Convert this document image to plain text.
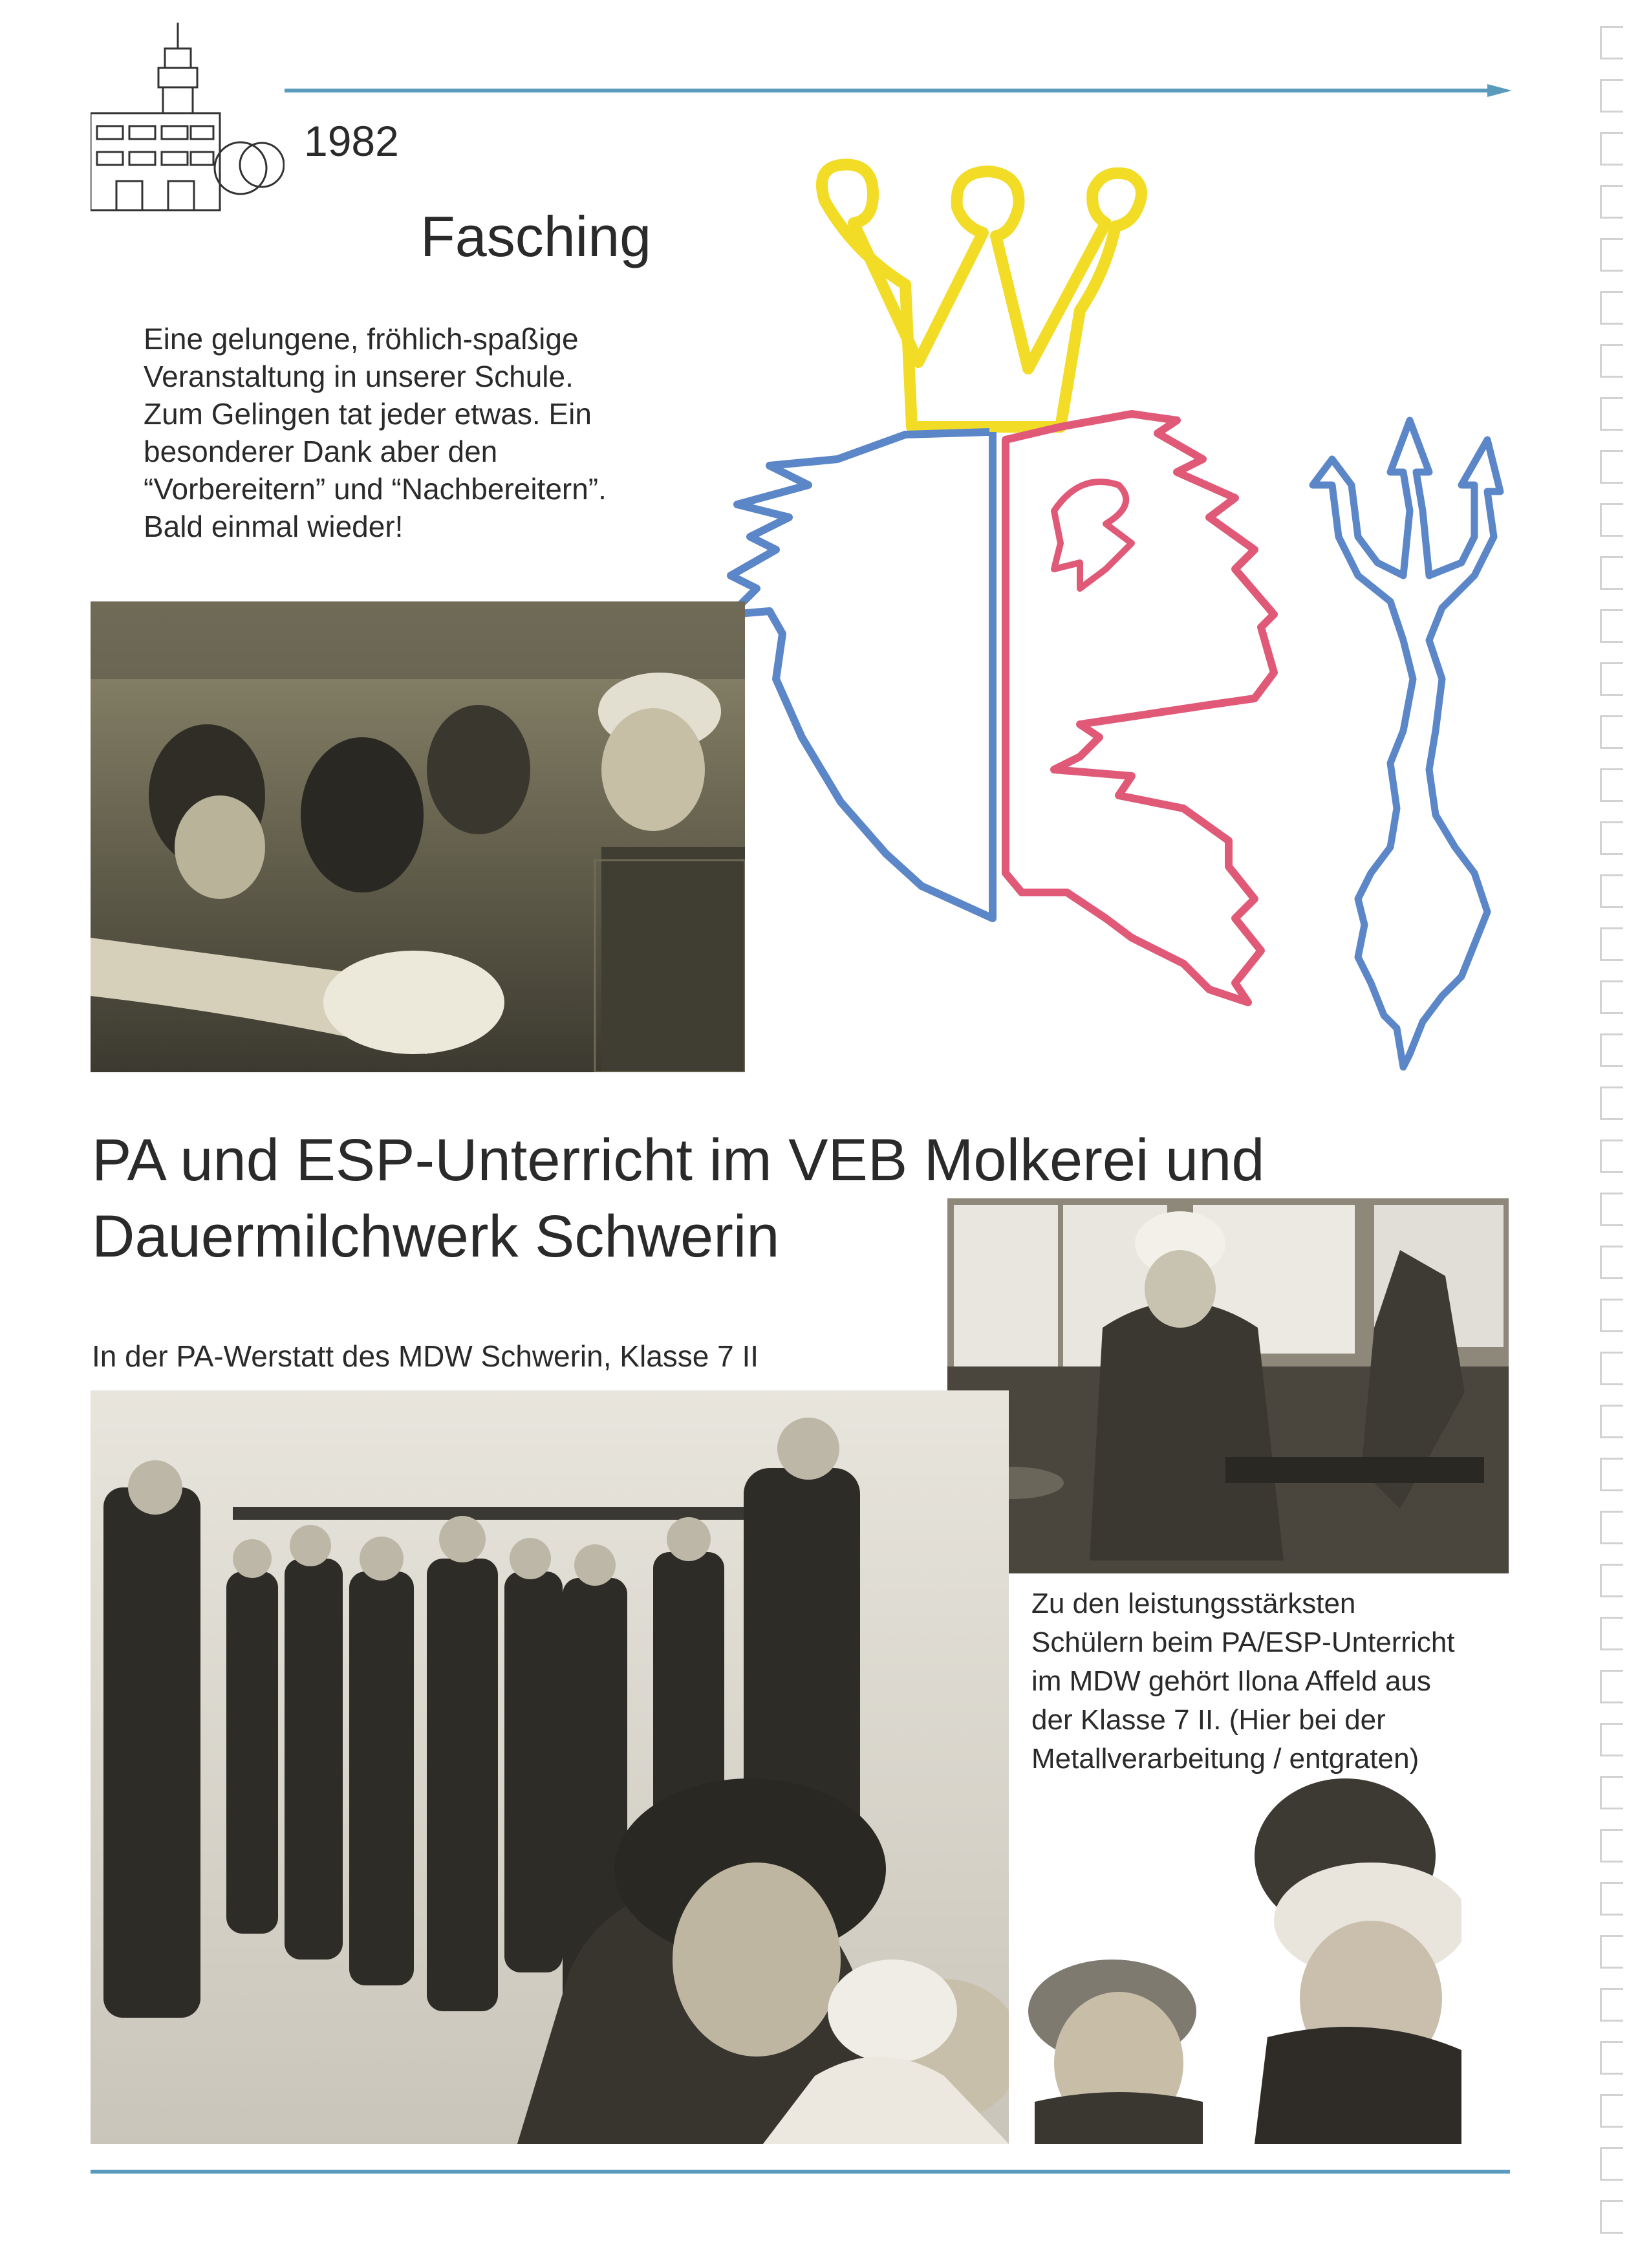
1982
Fasching
Eine gelungene, fröhlich-spaßige
Veranstaltung in unserer Schule.
Zum Gelingen tat jeder etwas. Ein
besonderer Dank aber den
“Vorbereitern” und “Nachbereitern”.
Bald einmal wieder!
PA und ESP-Unterricht im VEB Molkerei und
Dauermilchwerk Schwerin
In der PA-Werstatt des MDW Schwerin, Klasse 7 II
Zu den leistungsstärksten
Schülern beim PA/ESP-Unterricht
im MDW gehört Ilona Affeld aus
der Klasse 7 II. (Hier bei der
Metallverarbeitung / entgraten)
